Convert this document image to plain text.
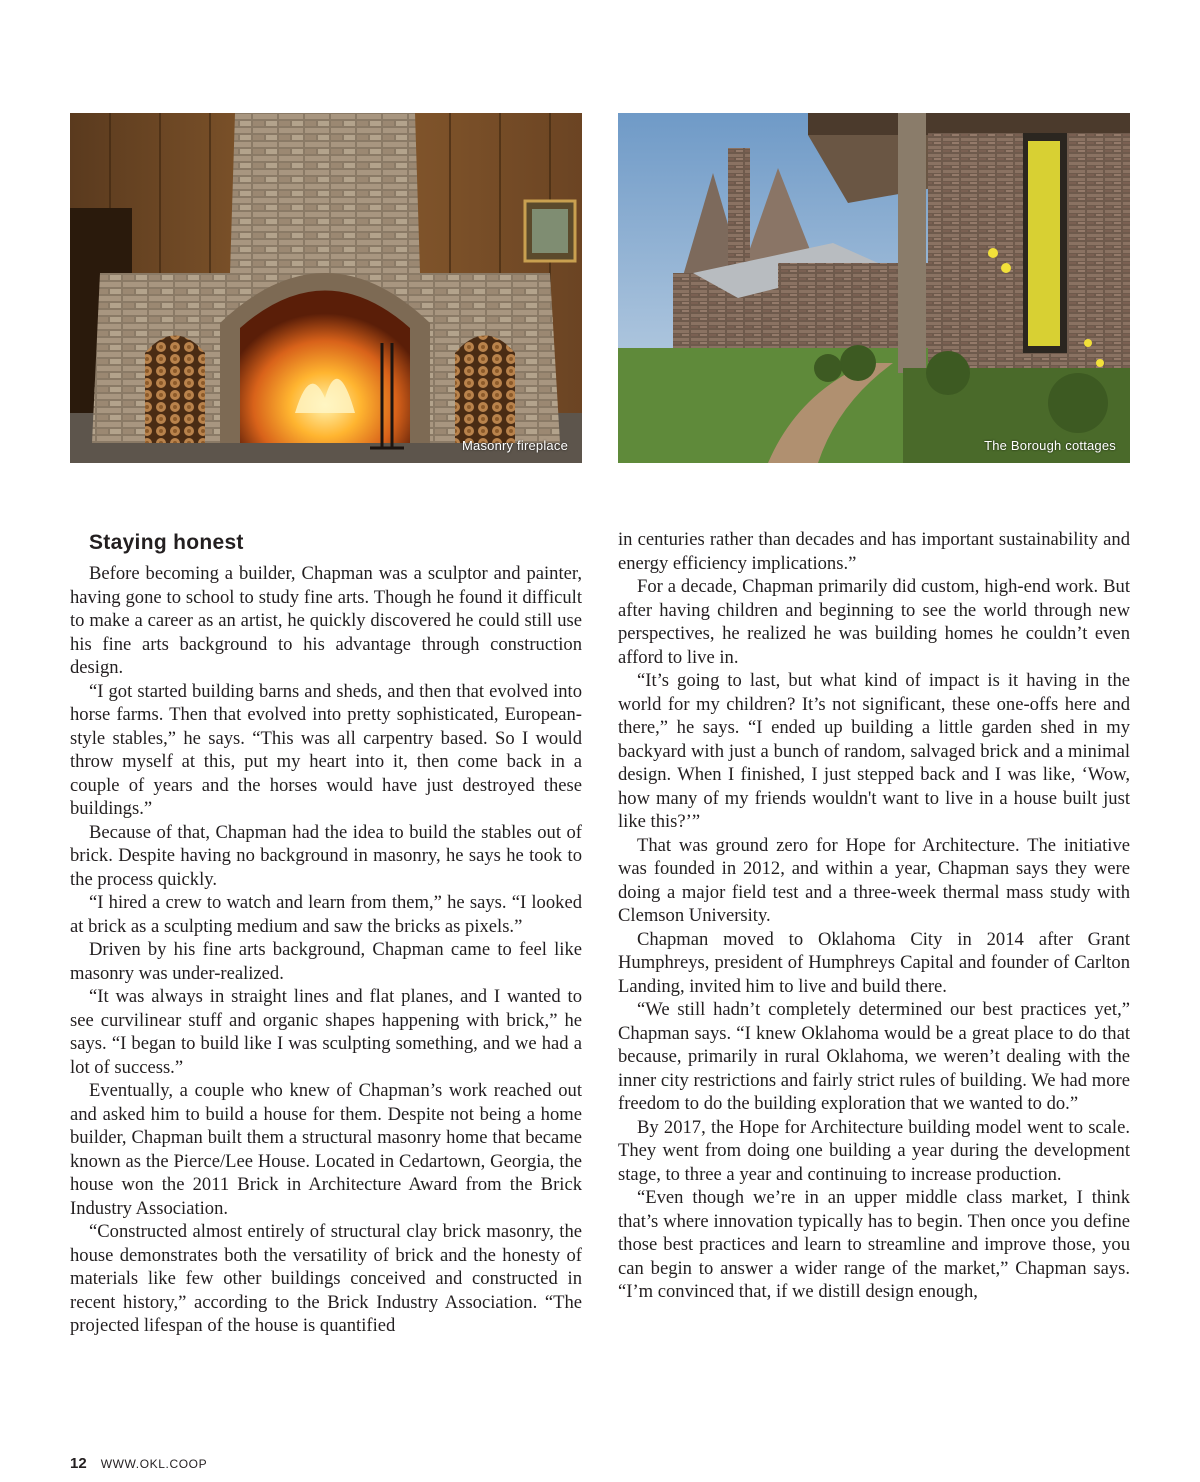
Masonry fireplace	The Borough cottages
Staying honest

Before becoming a builder, Chapman was a sculptor and painter, having gone to school to study fine arts. Though he found it difficult to make a career as an artist, he quickly discovered he could still use his fine arts background to his advantage through construction design.

“I got started building barns and sheds, and then that evolved into horse farms. Then that evolved into pretty sophisticated, European-style stables,” he says. “This was all carpentry based. So I would throw myself at this, put my heart into it, then come back in a couple of years and the horses would have just destroyed these buildings.”

Because of that, Chapman had the idea to build the stables out of brick. Despite having no background in masonry, he says he took to the process quickly.

“I hired a crew to watch and learn from them,” he says. “I looked at brick as a sculpting medium and saw the bricks as pixels.”

Driven by his fine arts background, Chapman came to feel like masonry was under-realized.

“It was always in straight lines and flat planes, and I wanted to see curvilinear stuff and organic shapes happening with brick,” he says. “I began to build like I was sculpting something, and we had a lot of success.”

Eventually, a couple who knew of Chapman’s work reached out and asked him to build a house for them. Despite not being a home builder, Chapman built them a structural masonry home that became known as the Pierce/Lee House. Located in Cedartown, Georgia, the house won the 2011 Brick in Architecture Award from the Brick Industry Association.

“Constructed almost entirely of structural clay brick masonry, the house demonstrates both the versatility of brick and the honesty of materials like few other buildings conceived and constructed in recent history,” according to the Brick Industry Association. “The projected lifespan of the house is quantified

in centuries rather than decades and has important sustainability and energy efficiency implications.”

For a decade, Chapman primarily did custom, high-end work. But after having children and beginning to see the world through new perspectives, he realized he was building homes he couldn’t even afford to live in.

“It’s going to last, but what kind of impact is it having in the world for my children? It’s not significant, these one-offs here and there,” he says. “I ended up building a little garden shed in my backyard with just a bunch of random, salvaged brick and a minimal design. When I finished, I just stepped back and I was like, ‘Wow, how many of my friends wouldn't want to live in a house built just like this?’”

That was ground zero for Hope for Architecture. The initiative was founded in 2012, and within a year, Chapman says they were doing a major field test and a three-week thermal mass study with Clemson University.

Chapman moved to Oklahoma City in 2014 after Grant Humphreys, president of Humphreys Capital and founder of Carlton Landing, invited him to live and build there.

“We still hadn’t completely determined our best practices yet,” Chapman says. “I knew Oklahoma would be a great place to do that because, primarily in rural Oklahoma, we weren’t dealing with the inner city restrictions and fairly strict rules of building. We had more freedom to do the building exploration that we wanted to do.”

By 2017, the Hope for Architecture building model went to scale. They went from doing one building a year during the development stage, to three a year and continuing to increase production.

“Even though we’re in an upper middle class market, I think that’s where innovation typically has to begin. Then once you define those best practices and learn to streamline and improve those, you can begin to answer a wider range of the market,” Chapman says. “I’m convinced that, if we distill design enough,

12 WWW.OKL.COOP
